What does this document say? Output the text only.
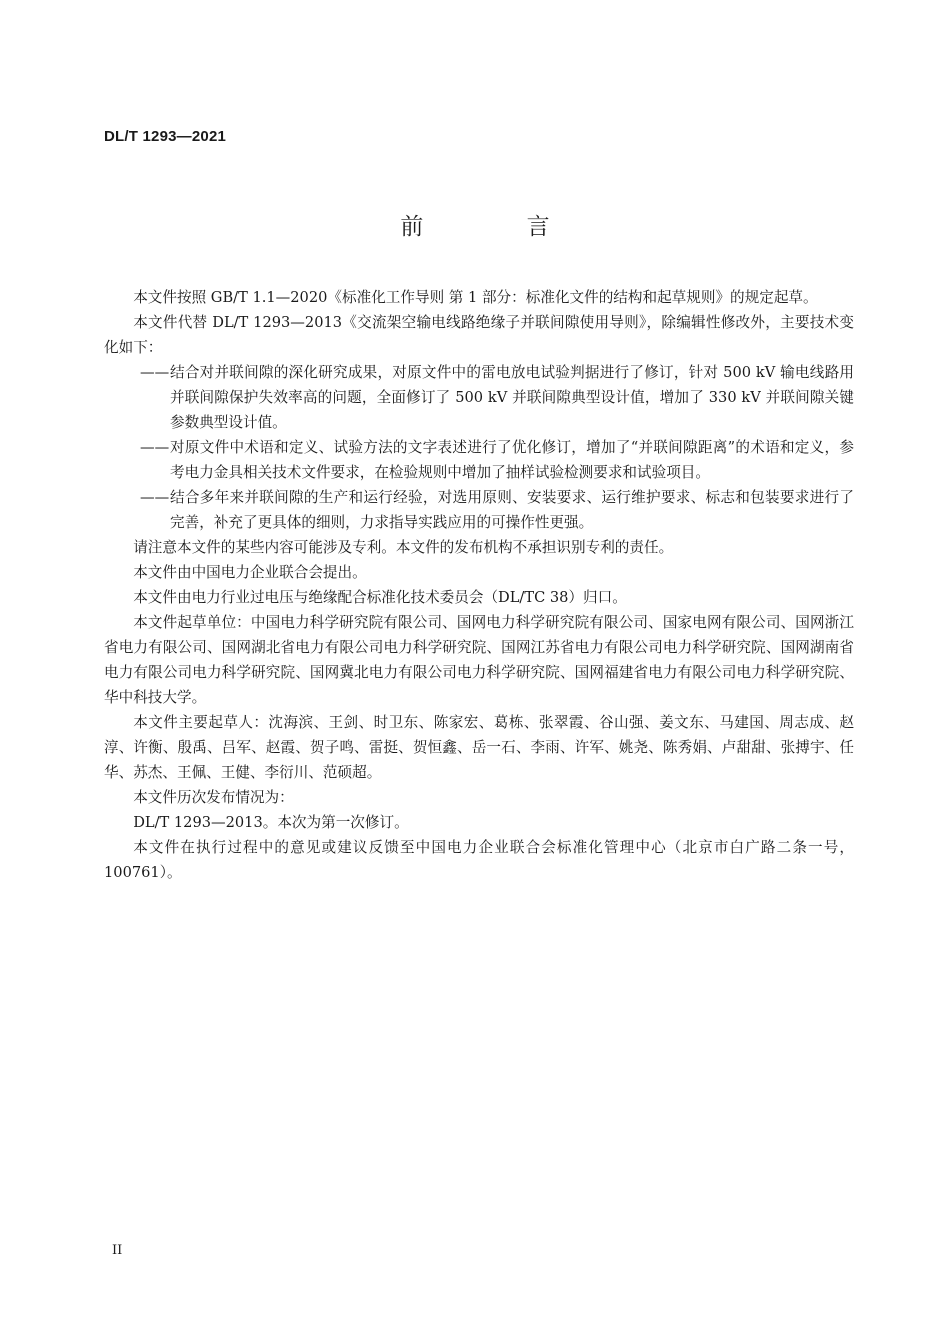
DL/T 1293—2021
前 言

本文件按照 GB/T 1.1—2020《标准化工作导则 第 1 部分：标准化文件的结构和起草规则》的规定起草。

本文件代替 DL/T 1293—2013《交流架空输电线路绝缘子并联间隙使用导则》，除编辑性修改外，主要技术变化如下：

—— 结合对并联间隙的深化研究成果，对原文件中的雷电放电试验判据进行了修订，针对 500 kV 输电线路用并联间隙保护失效率高的问题，全面修订了 500 kV 并联间隙典型设计值，增加了 330 kV 并联间隙关键参数典型设计值。
—— 对原文件中术语和定义、试验方法的文字表述进行了优化修订，增加了“并联间隙距离”的术语和定义，参考电力金具相关技术文件要求，在检验规则中增加了抽样试验检测要求和试验项目。
—— 结合多年来并联间隙的生产和运行经验，对选用原则、安装要求、运行维护要求、标志和包装要求进行了完善，补充了更具体的细则，力求指导实践应用的可操作性更强。

请注意本文件的某些内容可能涉及专利。本文件的发布机构不承担识别专利的责任。

本文件由中国电力企业联合会提出。

本文件由电力行业过电压与绝缘配合标准化技术委员会（DL/TC 38）归口。

本文件起草单位：中国电力科学研究院有限公司、国网电力科学研究院有限公司、国家电网有限公司、国网浙江省电力有限公司、国网湖北省电力有限公司电力科学研究院、国网江苏省电力有限公司电力科学研究院、国网湖南省电力有限公司电力科学研究院、国网冀北电力有限公司电力科学研究院、国网福建省电力有限公司电力科学研究院、华中科技大学。

本文件主要起草人：沈海滨、王剑、时卫东、陈家宏、葛栋、张翠霞、谷山强、姜文东、马建国、周志成、赵淳、许衡、殷禹、吕军、赵霞、贺子鸣、雷挺、贺恒鑫、岳一石、李雨、许军、姚尧、陈秀娟、卢甜甜、张搏宇、任华、苏杰、王佩、王健、李衍川、范硕超。

本文件历次发布情况为：

DL/T 1293—2013。本次为第一次修订。

本文件在执行过程中的意见或建议反馈至中国电力企业联合会标准化管理中心（北京市白广路二条一号，100761）。

II
